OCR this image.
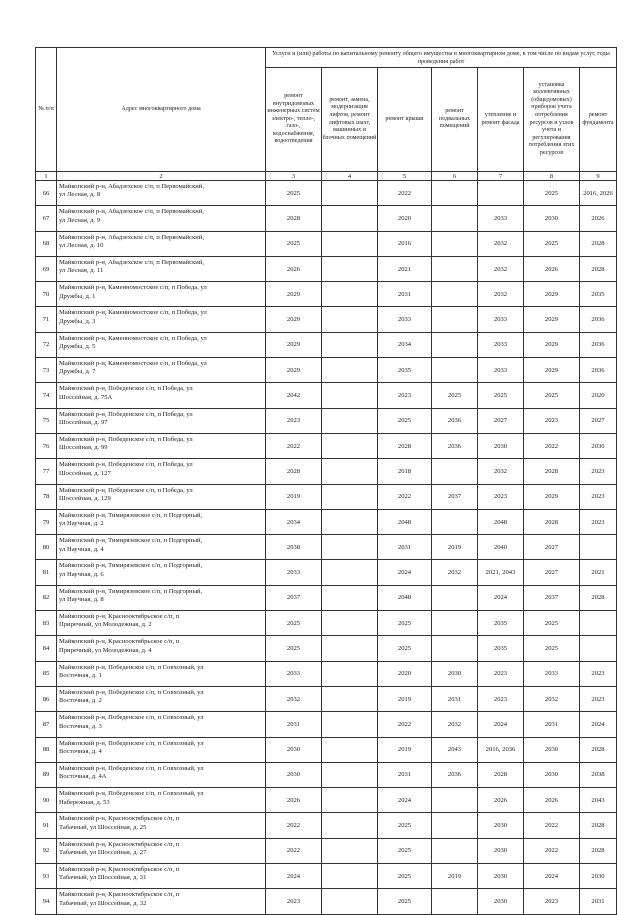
№ п/п	Адрес многоквартирного дома	Услуги и (или) работы по капитальному ремонту общего имущества в многоквартирном доме, в том числе по видам услуг, годы проведения работ						
		ремонт внутридомовых инженерных систем электро-, тепло-, газо-, водоснабжения, водоотведения	ремонт, замена, модернизация лифтов, ремонт лифтовых шахт, машинных и блочных помещений	ремонт крыши	ремонт подвальных помещений	утепление и ремонт фасада	установка коллективных (общедомовых) приборов учета потребления ресурсов и узлов учета и регулирования потребления этих ресурсов	ремонт фундамента
1	2	3	4	5	6	7	8	9
66	Майкопский р-н, Абадзехское с/п, п Первомайский,
ул Лесная, д. 8	2025		2022			2025	2016, 2026
67	Майкопский р-н, Абадзехское с/п, п Первомайский,
ул Лесная, д. 9	2028		2020		2033	2030	2026
68	Майкопский р-н, Абадзехское с/п, п Первомайский,
ул Лесная, д. 10	2025		2016		2032	2025	2028
69	Майкопский р-н, Абадзехское с/п, п Первомайский,
ул Лесная, д. 11	2026		2021		2032	2026	2028
70	Майкопский р-н, Каменномостское с/п, п Победа, ул
Дружбы, д. 1	2029		2031		2032	2029	2035
71	Майкопский р-н, Каменномостское с/п, п Победа, ул
Дружбы, д. 3	2029		2033		2033	2029	2036
72	Майкопский р-н, Каменномостское с/п, п Победа, ул
Дружбы, д. 5	2029		2034		2033	2029	2036
73	Майкопский р-н, Каменномостское с/п, п Победа, ул
Дружбы, д. 7	2029		2035		2033	2029	2036
74	Майкопский р-н, Победенское с/п, п Победа, ул
Шоссейная, д. 75А	2042		2023	2025	2025	2025	2020
75	Майкопский р-н, Победенское с/п, п Победа, ул
Шоссейная, д. 97	2023		2025	2036	2027	2023	2027
76	Майкопский р-н, Победенское с/п, п Победа, ул
Шоссейная, д. 99	2022		2028	2036	2030	2022	2030
77	Майкопский р-н, Победенское с/п, п Победа, ул
Шоссейная, д. 127	2028		2018		2032	2028	2023
78	Майкопский р-н, Победенское с/п, п Победа, ул
Шоссейная, д. 129	2019		2022	2037	2023	2029	2023
79	Майкопский р-н, Тимирязевское с/п, п Подгорный,
ул Научная, д. 2	2034		2048		2048	2028	2023
80	Майкопский р-н, Тимирязевское с/п, п Подгорный,
ул Научная, д. 4	2038		2031	2019	2040	2027	
81	Майкопский р-н, Тимирязевское с/п, п Подгорный,
ул Научная, д. 6	2033		2024	2032	2021, 2043	2027	2021
82	Майкопский р-н, Тимирязевское с/п, п Подгорный,
ул Научная, д. 8	2037		2048		2024	2037	2028
83	Майкопский р-н, Краснооктябрьское с/п, п
Приречный, ул Молодежная, д. 2	2025		2025		2035	2025	
84	Майкопский р-н, Краснооктябрьское с/п, п
Приречный, ул Молодежная, д. 4	2025		2025		2035	2025	
85	Майкопский р-н, Победенское с/п, п Совхозный, ул
Восточная, д. 1	2033		2020	2030	2023	2033	2023
86	Майкопский р-н, Победенское с/п, п Совхозный, ул
Восточная, д. 2	2032		2019	2031	2023	2032	2023
87	Майкопский р-н, Победенское с/п, п Совхозный, ул
Восточная, д. 3	2031		2022	2032	2024	2031	2024
88	Майкопский р-н, Победенское с/п, п Совхозный, ул
Восточная, д. 4	2030		2019	2043	2016, 2036	2030	2028
89	Майкопский р-н, Победенское с/п, п Совхозный, ул
Восточная, д. 4А	2030		2031	2036	2028	2030	2038
90	Майкопский р-н, Победенское с/п, п Совхозный, ул
Набережная, д. 53	2026		2024		2026	2026	2043
91	Майкопский р-н, Краснооктябрьское с/п, п
Табачный, ул Шоссейная, д. 25	2022		2025		2030	2022	2028
92	Майкопский р-н, Краснооктябрьское с/п, п
Табачный, ул Шоссейная, д. 27	2022		2025		2030	2022	2028
93	Майкопский р-н, Краснооктябрьское с/п, п
Табачный, ул Шоссейная, д. 31	2024		2025	2019	2030	2024	2030
94	Майкопский р-н, Краснооктябрьское с/п, п
Табачный, ул Шоссейная, д. 32	2023		2025		2030	2023	2031
